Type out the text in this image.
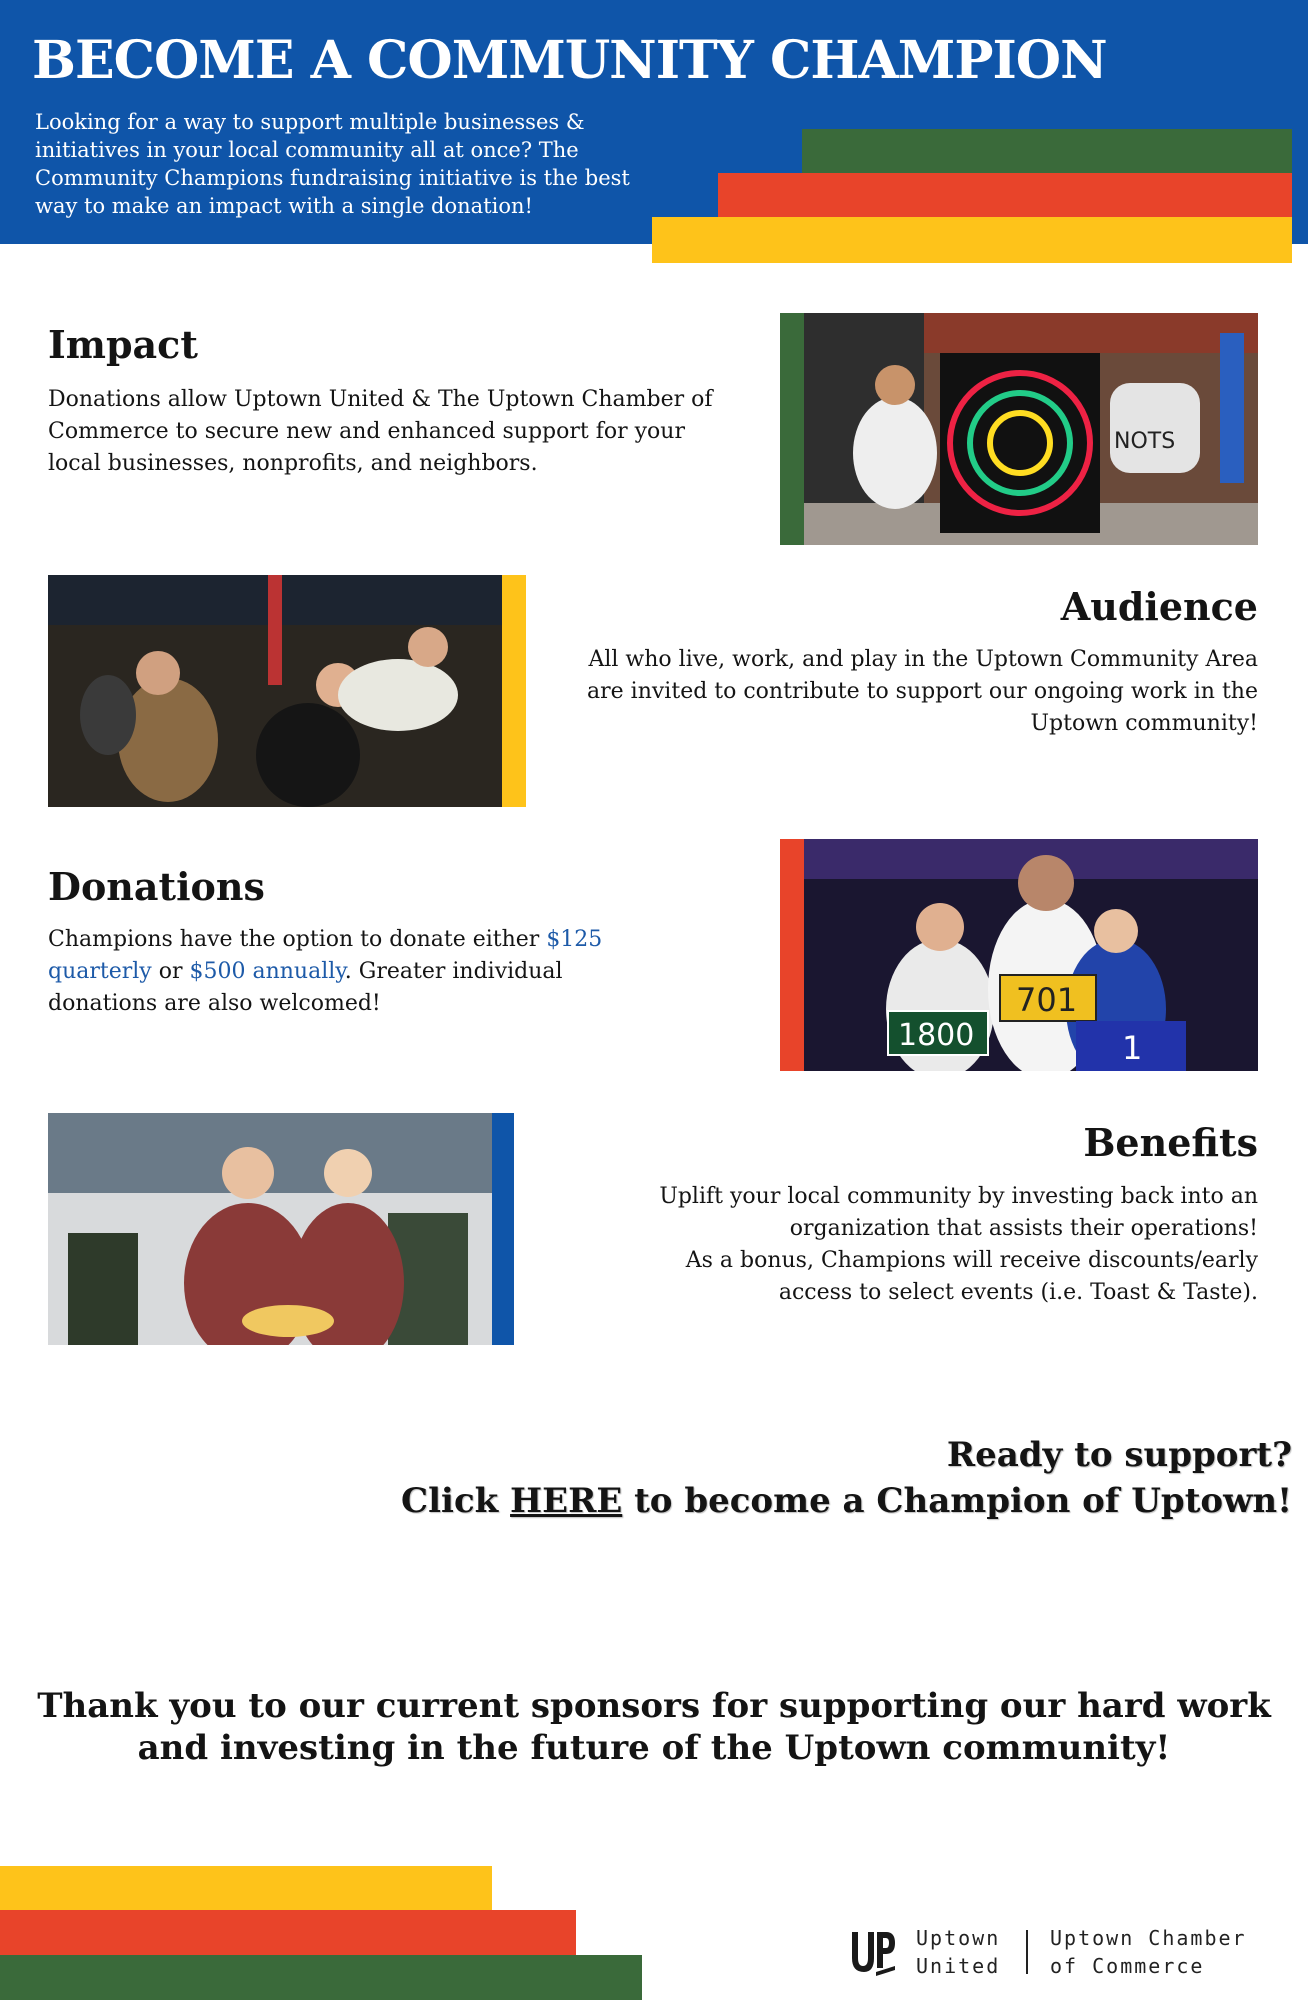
BECOME A COMMUNITY CHAMPION

Looking for a way to support multiple businesses & initiatives in your local community all at once? The Community Champions fundraising initiative is the best way to make an impact with a single donation!

Impact

Donations allow Uptown United & The Uptown Chamber of Commerce to secure new and enhanced support for your local businesses, nonprofits, and neighbors.

NOTS
Audience

All who live, work, and play in the Uptown Community Area are invited to contribute to support our ongoing work in the Uptown community!

Donations

Champions have the option to donate either $125 quarterly or $500 annually. Greater individual donations are also welcomed!

1800
701
1
Benefits
Uplift your local community by investing back into an organization that assists their operations!
As a bonus, Champions will receive discounts/early access to select events (i.e. Toast & Taste).
Ready to support?
Click HERE to become a Champion of Uptown!
Thank you to our current sponsors for supporting our hard work
and investing in the future of the Uptown community!
Uptown
United
Uptown Chamber
of Commerce
